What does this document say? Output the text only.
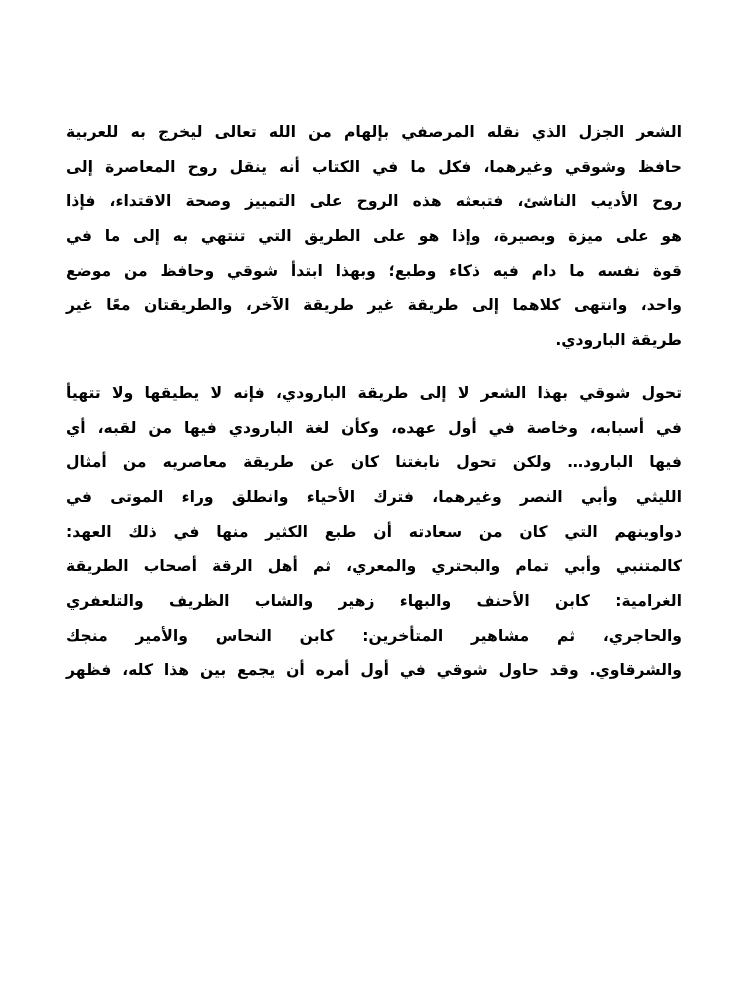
الشعر الجزل الذي نقله المرصفي بإلهام من الله تعالى ليخرج به للعربية
حافظ وشوقي وغيرهما، فكل ما في الكتاب أنه ينقل روح المعاصرة إلى
روح الأديب الناشئ، فتبعثه هذه الروح على التمييز وصحة الاقتداء، فإذا
هو على ميزة وبصيرة، وإذا هو على الطريق التي تنتهي به إلى ما في
قوة نفسه ما دام فيه ذكاء وطبع؛ وبهذا ابتدأ شوقي وحافظ من موضع
واحد، وانتهى كلاهما إلى طريقة غير طريقة الآخر، والطريقتان معًا غير
طريقة البارودي.
تحول شوقي بهذا الشعر لا إلى طريقة البارودي، فإنه لا يطيقها ولا تتهيأ
في أسبابه، وخاصة في أول عهده، وكأن لغة البارودي فيها من لقبه، أي
فيها البارود… ولكن تحول نابغتنا كان عن طريقة معاصريه من أمثال
الليثي وأبي النصر وغيرهما، فترك الأحياء وانطلق وراء الموتى في
دواوينهم التي كان من سعادته أن طبع الكثير منها في ذلك العهد:
كالمتنبي وأبي تمام والبحتري والمعري، ثم أهل الرقة أصحاب الطريقة
الغرامية: كابن الأحنف والبهاء زهير والشاب الظريف والتلعفري
والحاجري، ثم مشاهير المتأخرين: كابن النحاس والأمير منجك
والشرقاوي. وقد حاول شوقي في أول أمره أن يجمع بين هذا كله، فظهر
